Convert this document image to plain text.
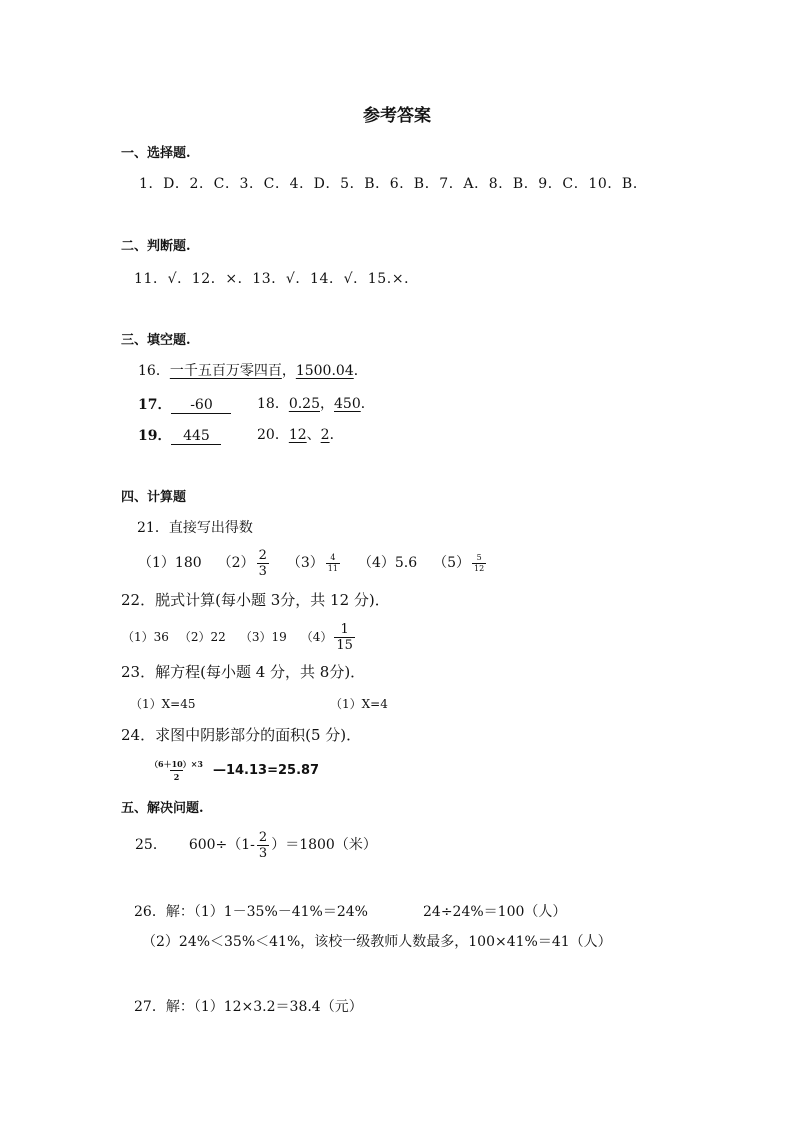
参考答案
一、选择题.
1．D．2．C．3．C．4．D．5．B．6．B．7．A．8．B．9．C．10．B．
二、判断题.
11．√．12．×．13．√．14．√．15.×．
三、填空题.
16．一千五百万零四百，1500.04．
17． -60	18．0.25，450．
19． 445	20．12、2．
四、计算题
21．直接写出得数
（1）180 $(2) \frac{2}{3} (3) \frac{4}{11} (4)5.6$ $(5) \frac{5}{12}$
22．脱式计算(每小题 3分，共 12 分)．
（1）36 （2）22 （3）19 $(4) \frac{1}{15}$
23．解方程(每小题 4 分，共 8分)．
（1）X=45	（1）X=4
24．求图中阴影部分的面积(5 分)．
$\frac{(6+10)\times 3}{2}$ —14.13=25.87
五、解决问题.
25． $600\div(1- \frac{2}{3} )=1800$（米）
26．解：（1）1－35%－41%＝24%	24÷24%＝100（人）
（2）24%＜35%＜41%，该校一级教师人数最多，100×41%＝41（人）
27．解：（1）12×3.2＝38.4（元）
